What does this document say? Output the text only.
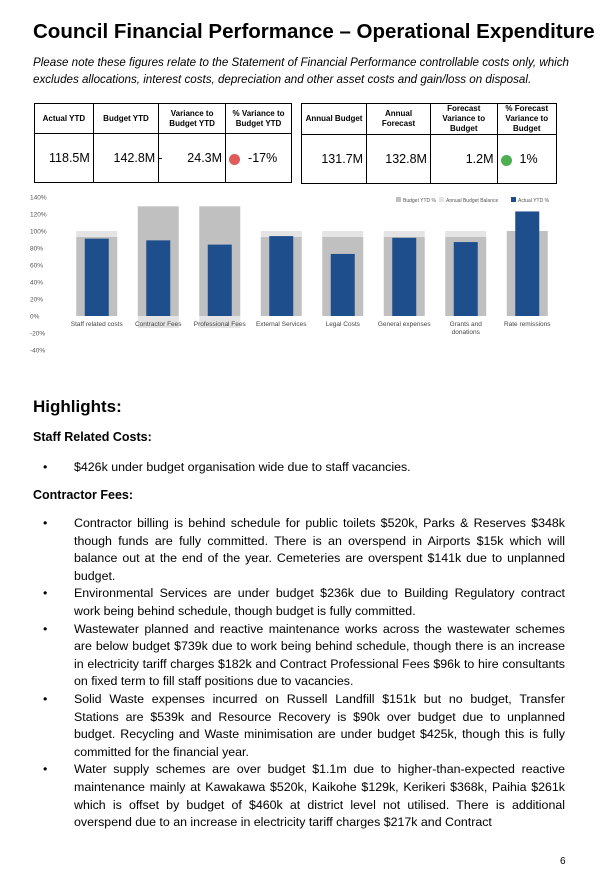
Council Financial Performance – Operational Expenditure
Please note these figures relate to the Statement of Financial Performance controllable costs only, which excludes allocations, interest costs, depreciation and other asset costs and gain/loss on disposal.
Actual YTD	Budget YTD	Variance to Budget YTD	% Variance to Budget YTD

118.5M	142.8M	- 24.3M	-17%
Annual Budget	Annual Forecast	Forecast Variance to Budget	% Forecast Variance to Budget

131.7M	132.8M	1.2M	1%
140%
120%
100%
80%
60%
40%
20%
0%
-20%
-40%
Staff related costs Contractor Fees Professional Fees External Services	Legal Costs	General expenses	Grants and
donations
Rate remissions
Budget YTD % Annual Budget Balance	Actual YTD %
Highlights:
Staff Related Costs:
• $426k under budget organisation wide due to staff vacancies.
Contractor Fees:
• Contractor billing is behind schedule for public toilets $520k, Parks & Reserves $348k though funds are fully committed. There is an overspend in Airports $15k which will balance out at the end of the year. Cemeteries are overspent $141k due to unplanned budget.
• Environmental Services are under budget $236k due to Building Regulatory contract work being behind schedule, though budget is fully committed.
• Wastewater planned and reactive maintenance works across the wastewater schemes are below budget $739k due to work being behind schedule, though there is an increase in electricity tariff charges $182k and Contract Professional Fees $96k to hire consultants on fixed term to fill staff positions due to vacancies.
• Solid Waste expenses incurred on Russell Landfill $151k but no budget, Transfer Stations are $539k and Resource Recovery is $90k over budget due to unplanned budget. Recycling and Waste minimisation are under budget $425k, though this is fully committed for the financial year.
• Water supply schemes are over budget $1.1m due to higher-than-expected reactive maintenance mainly at Kawakawa $520k, Kaikohe $129k, Kerikeri $368k, Paihia $261k which is offset by budget of $460k at district level not utilised. There is additional overspend due to an increase in electricity tariff charges $217k and Contract
6
